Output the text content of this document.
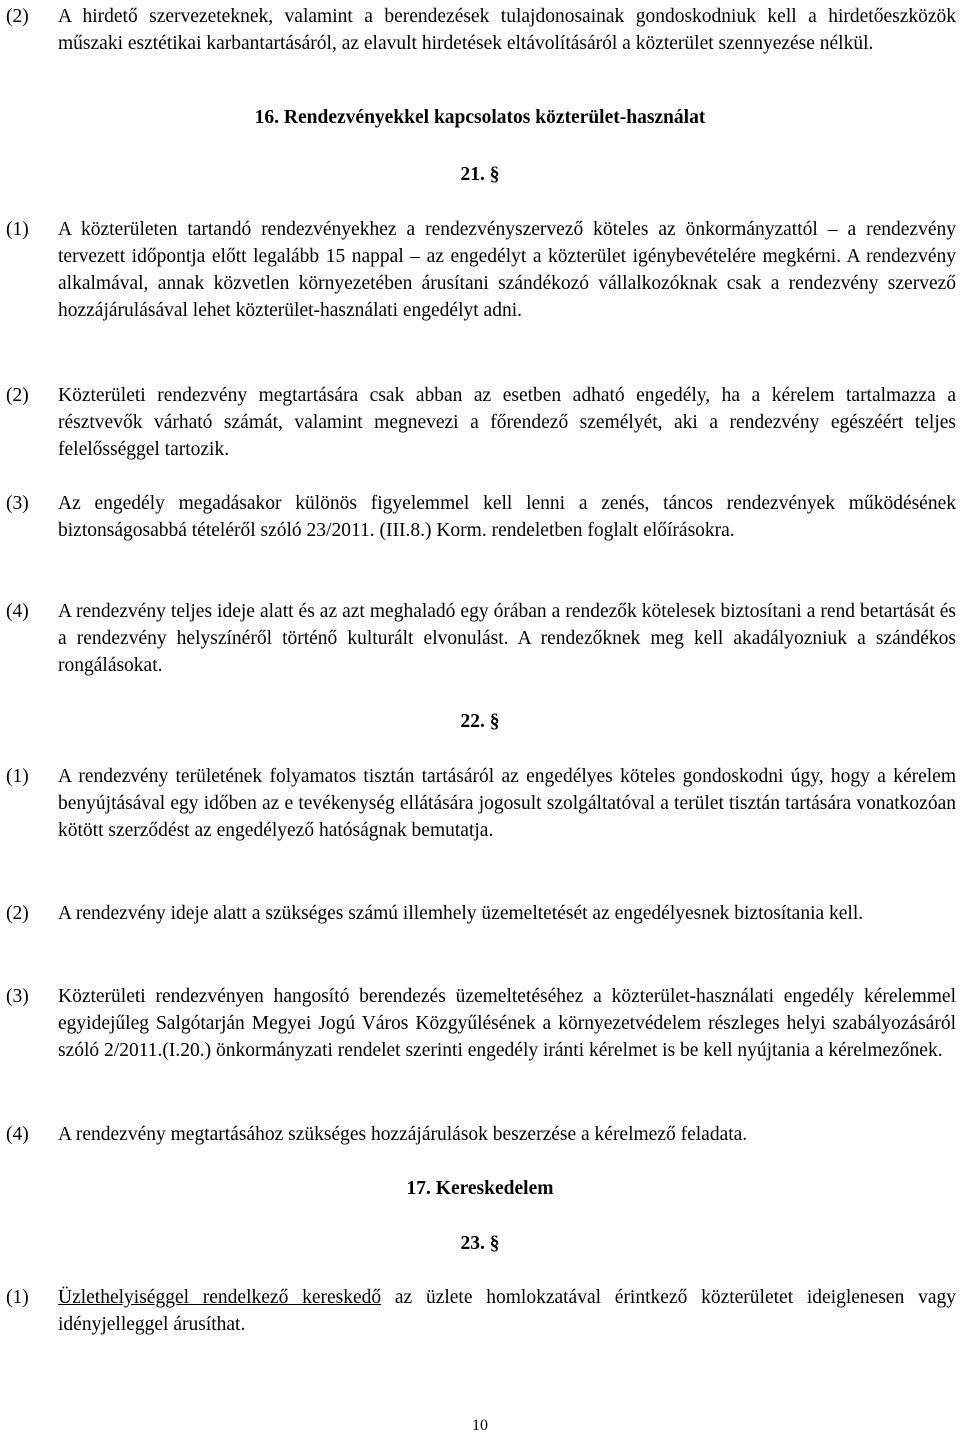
(2)	A hirdető szervezeteknek, valamint a berendezések tulajdonosainak gondoskodniuk kell a hirdetőeszközök műszaki esztétikai karbantartásáról, az elavult hirdetések eltávolításáról a közterület szennyezése nélkül.
16. Rendezvényekkel kapcsolatos közterület-használat
21. §
(1)	A közterületen tartandó rendezvényekhez a rendezvényszervező köteles az önkormányzattól – a rendezvény tervezett időpontja előtt legalább 15 nappal – az engedélyt a közterület igénybevételére megkérni. A rendezvény alkalmával, annak közvetlen környezetében árusítani szándékozó vállalkozóknak csak a rendezvény szervező hozzájárulásával lehet közterület-használati engedélyt adni.
(2)	Közterületi rendezvény megtartására csak abban az esetben adható engedély, ha a kérelem tartalmazza a résztvevők várható számát, valamint megnevezi a főrendező személyét, aki a rendezvény egészéért teljes felelősséggel tartozik.
(3)	Az engedély megadásakor különös figyelemmel kell lenni a zenés, táncos rendezvények működésének biztonságosabbá tételéről szóló 23/2011. (III.8.) Korm. rendeletben foglalt előírásokra.
(4)	A rendezvény teljes ideje alatt és az azt meghaladó egy órában a rendezők kötelesek biztosítani a rend betartását és a rendezvény helyszínéről történő kulturált elvonulást. A rendezőknek meg kell akadályozniuk a szándékos rongálásokat.
22. §
(1)	A rendezvény területének folyamatos tisztán tartásáról az engedélyes köteles gondoskodni úgy, hogy a kérelem benyújtásával egy időben az e tevékenység ellátására jogosult szolgáltatóval a terület tisztán tartására vonatkozóan kötött szerződést az engedélyező hatóságnak bemutatja.
(2)	A rendezvény ideje alatt a szükséges számú illemhely üzemeltetését az engedélyesnek biztosítania kell.
(3)	Közterületi rendezvényen hangosító berendezés üzemeltetéséhez a közterület-használati engedély kérelemmel egyidejűleg Salgótarján Megyei Jogú Város Közgyűlésének a környezetvédelem részleges helyi szabályozásáról szóló 2/2011.(I.20.) önkormányzati rendelet szerinti engedély iránti kérelmet is be kell nyújtania a kérelmezőnek.
(4)	A rendezvény megtartásához szükséges hozzájárulások beszerzése a kérelmező feladata.
17. Kereskedelem
23. §
(1)	Üzlethelyiséggel rendelkező kereskedő az üzlete homlokzatával érintkező közterületet ideiglenesen vagy idényjelleggel árusíthat.
10
